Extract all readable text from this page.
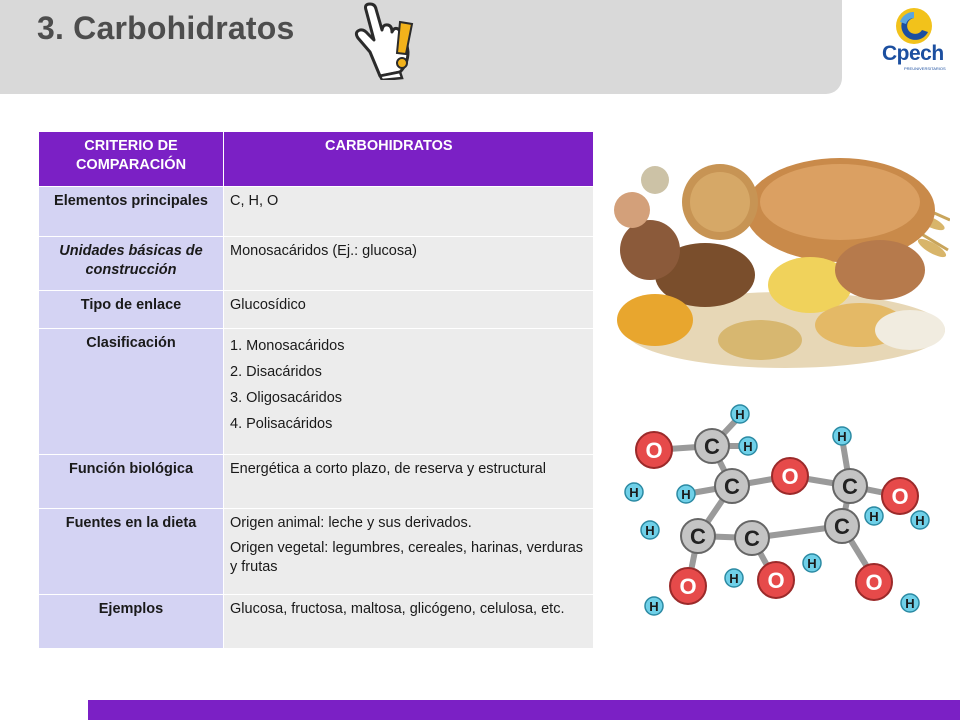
3. Carbohidratos
Cpech
PREUNIVERSITARIOS
CRITERIO DE COMPARACIÓN	CARBOHIDRATOS
Elementos principales	C, H, O

Unidades básicas de construcción	Monosacáridos (Ej.: glucosa)

Tipo de enlace	Glucosídico

Clasificación	1. Monosacáridos
2. Disacáridos
3. Oligosacáridos
4. Polisacáridos

Función biológica	Energética a corto plazo, de reserva y estructural

Fuentes en la dieta	Origen animal: leche y sus derivados.
Origen vegetal: legumbres, cereales, harinas, verduras y frutas

Ejemplos	Glucosa, fructosa, maltosa, glicógeno, celulosa, etc.
O C
H
H
H	H C O C
H
O
H
H
H C C	C
H
H
O
H
O	O
H
